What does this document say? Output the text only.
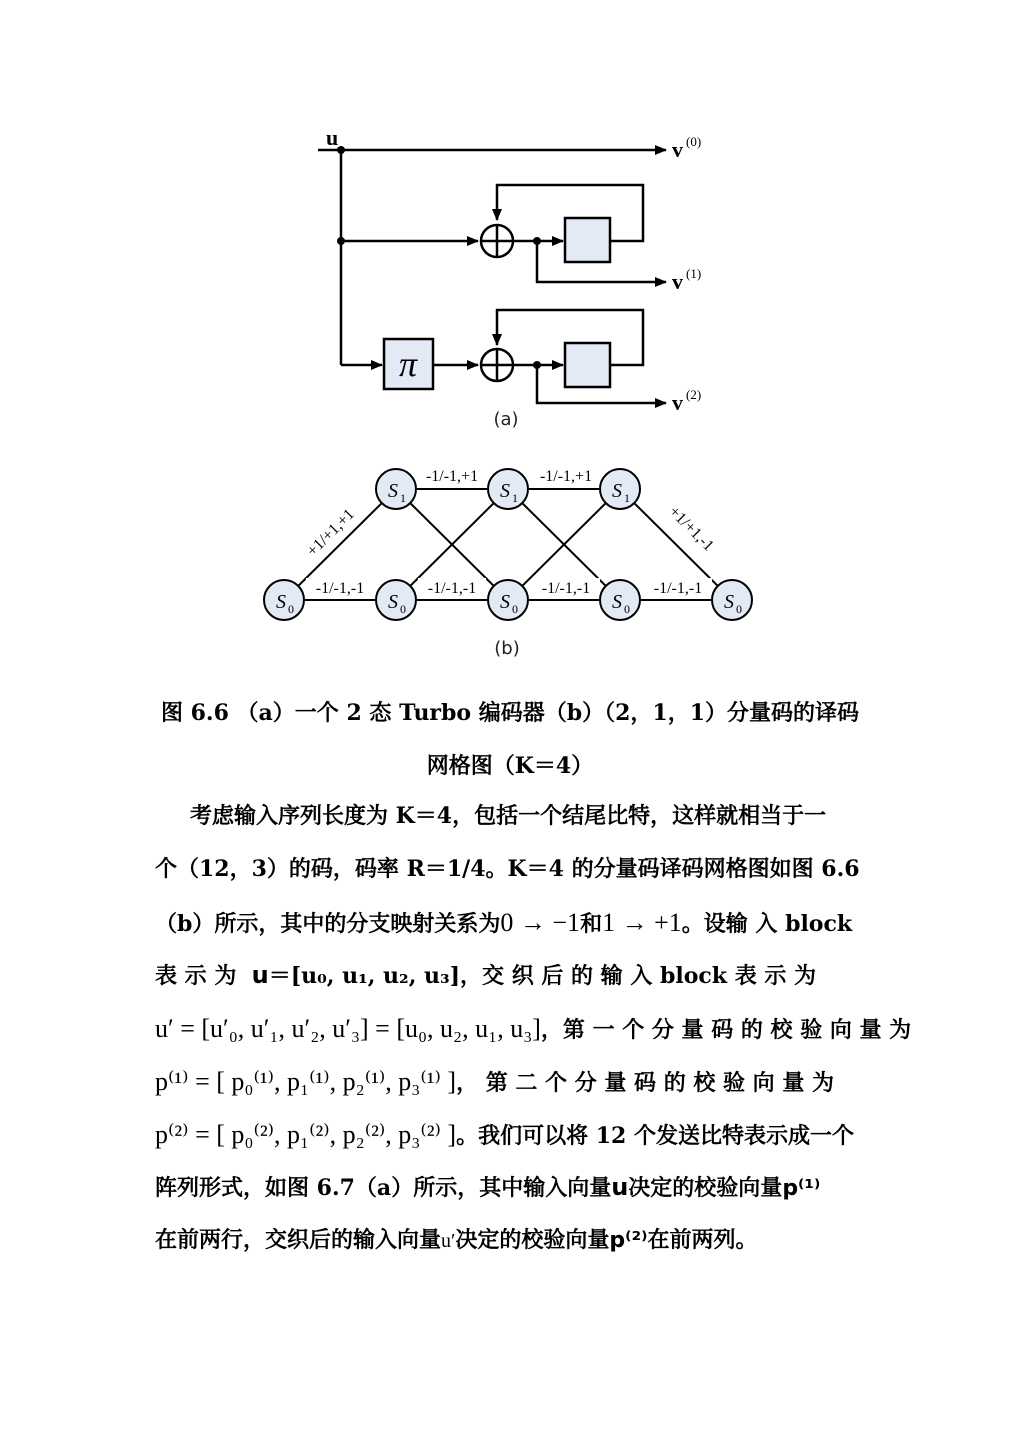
π
u	v (0)
v (1)
v (2)
(a)
-1/-1,+1	-1/-1,+1
-1/-1,-1	-1/-1,-1	-1/-1,-1	-1/-1,-1
+1/+1,+1	+1/+1,-1
S	S	S
1	1	1
S	S	S	S	S
0	0	0	0	0
(b)
图 6.6 （a）一个 2 态 Turbo 编码器（b）（2，1，1）分量码的译码
网格图（K＝4）
考虑输入序列长度为 K＝4，包括一个结尾比特，这样就相当于一
个（12，3）的码，码率 R＝1/4。K＝4 的分量码译码网格图如图 6.6
（b）所示，其中的分支映射关系为0 → −1和1 → +1。设输 入 block
表 示 为 u＝[u₀, u₁, u₂, u₃]，交 织 后 的 输 入 block 表 示 为
u′ = [u′₀, u′₁, u′₂, u′₃] = [u₀, u₂, u₁, u₃]，第 一 个 分 量 码 的 校 验 向 量 为
p⁽¹⁾ = [ p₀⁽¹⁾, p₁⁽¹⁾, p₂⁽¹⁾, p₃⁽¹⁾ ]， 第 二 个 分 量 码 的 校 验 向 量 为
p⁽²⁾ = [ p₀⁽²⁾, p₁⁽²⁾, p₂⁽²⁾, p₃⁽²⁾ ]。我们可以将 12 个发送比特表示成一个
阵列形式，如图 6.7（a）所示，其中输入向量u决定的校验向量p⁽¹⁾
在前两行，交织后的输入向量u′决定的校验向量p⁽²⁾在前两列。
